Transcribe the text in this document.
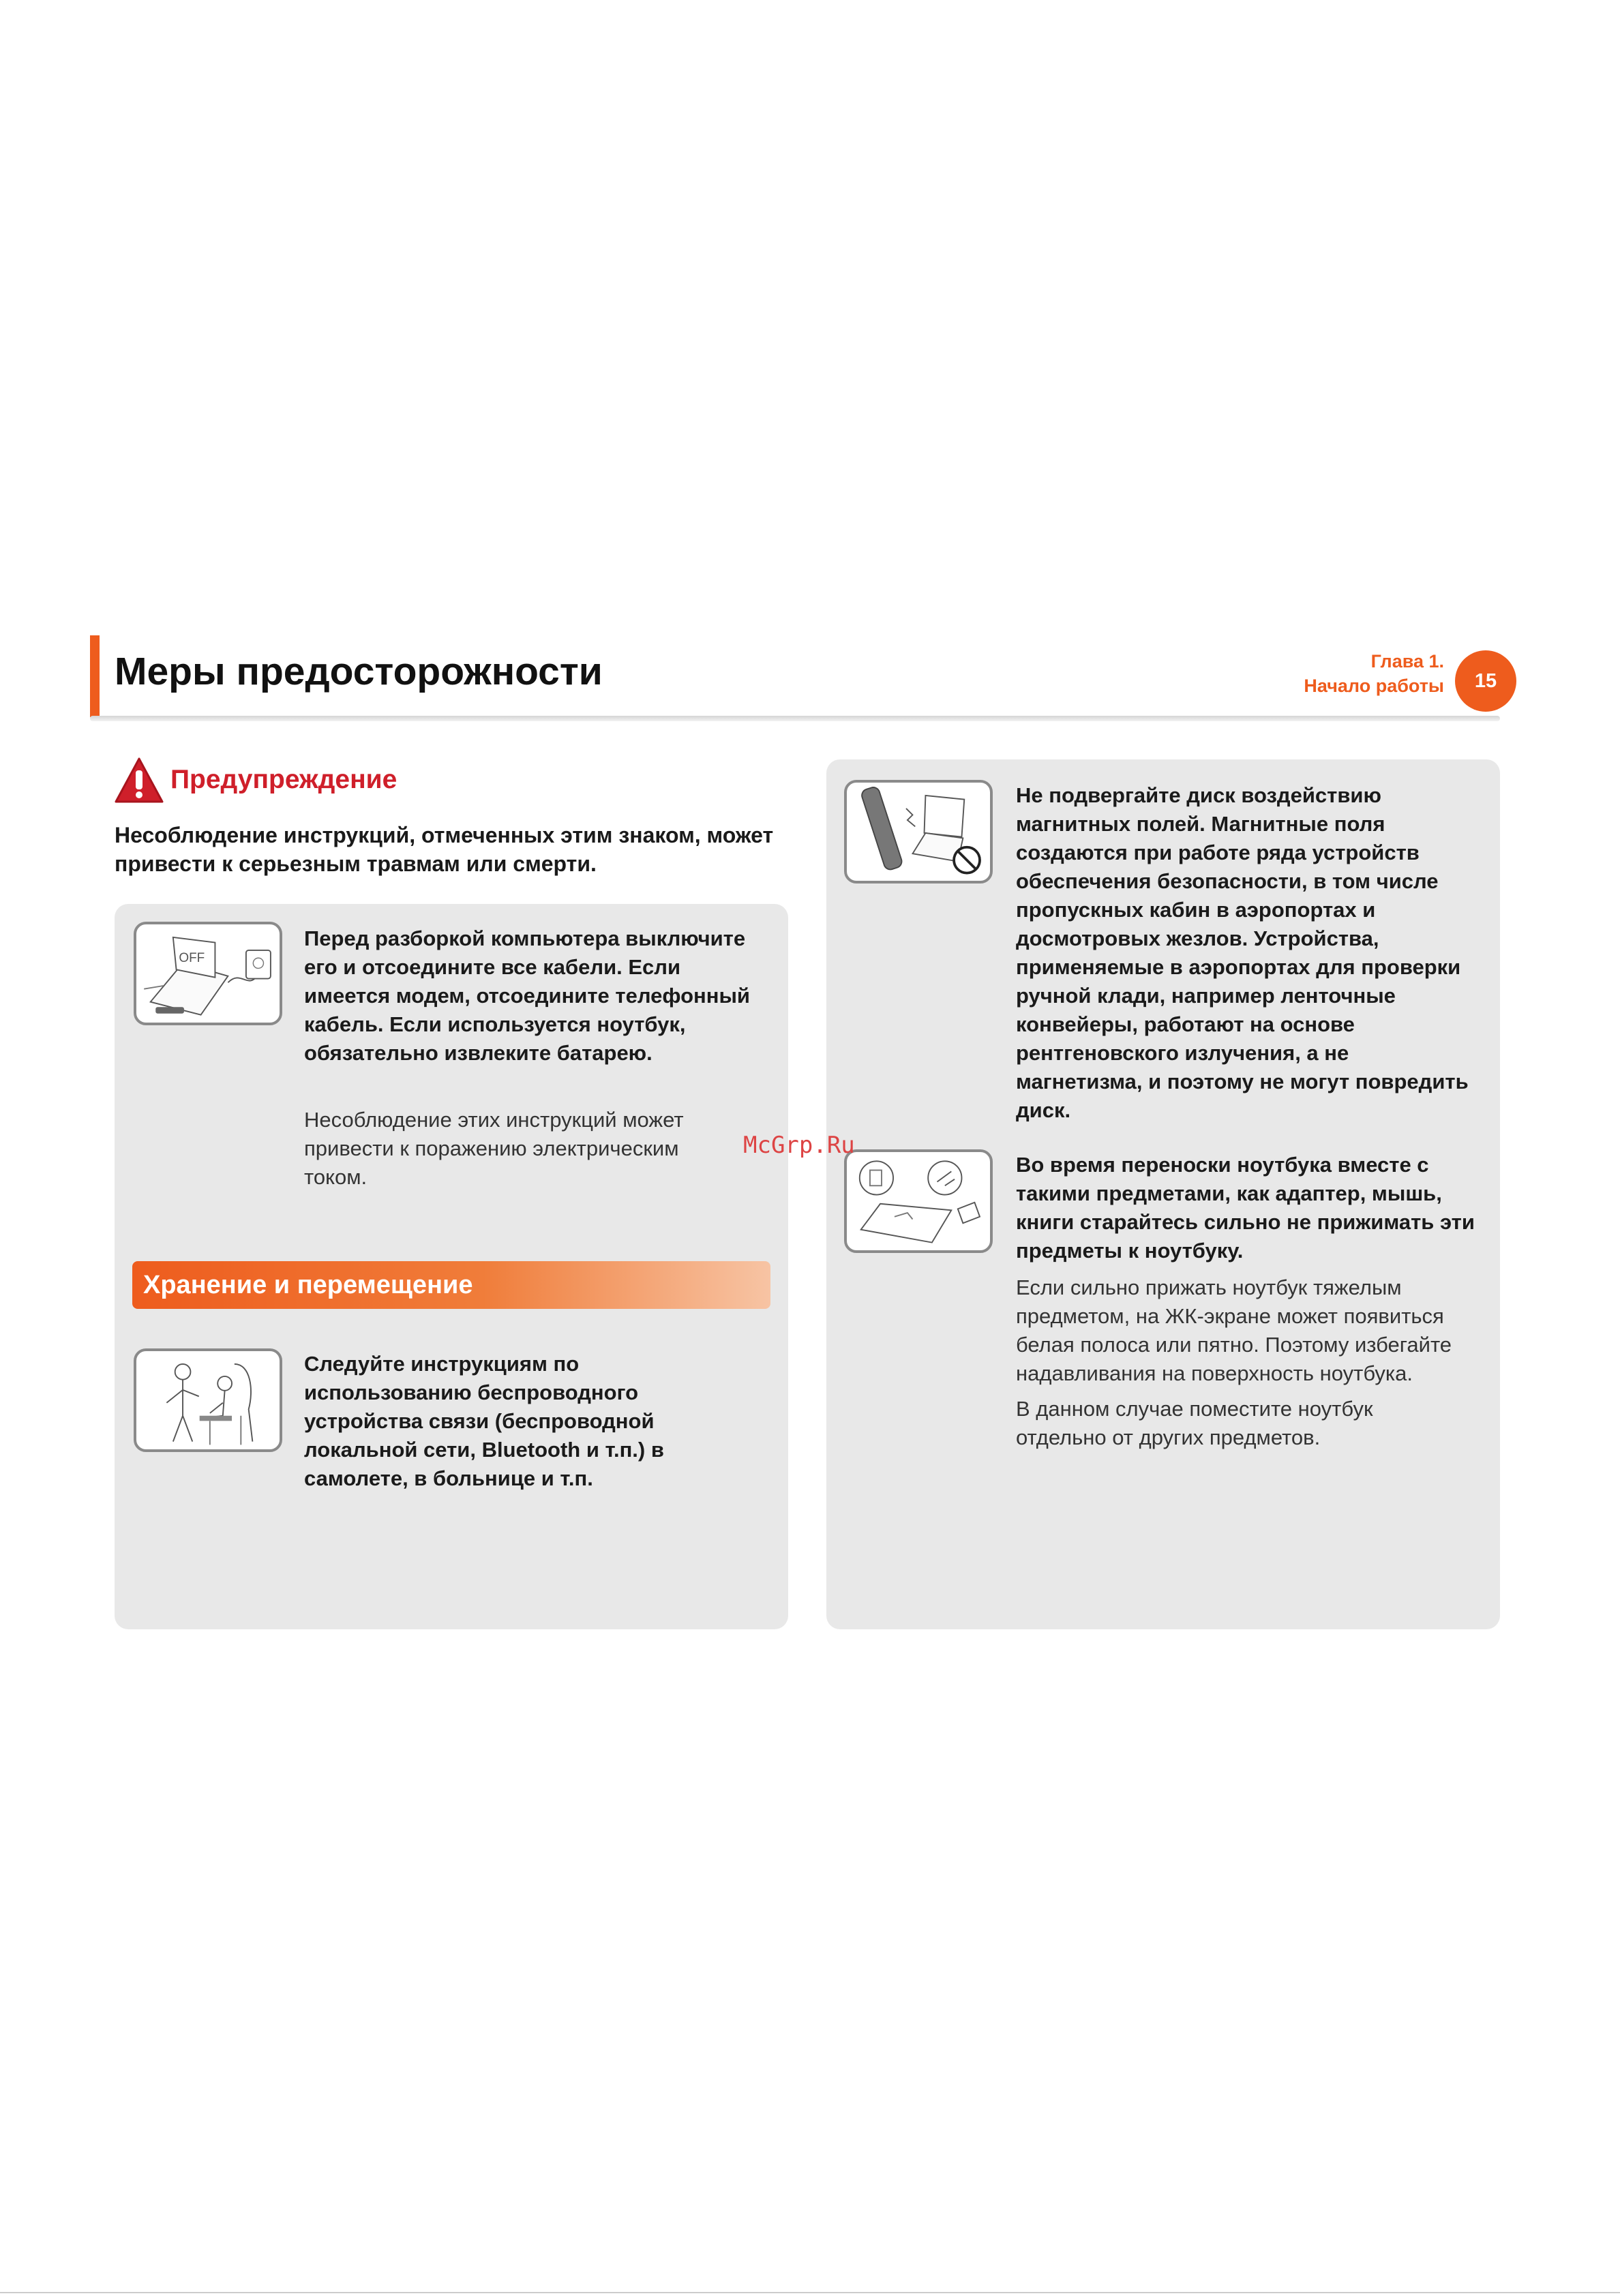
Меры предосторожности	Глава 1.
Начало работы	15
Предупреждение
Несоблюдение инструкций, отмеченных этим знаком, может привести к серьезным травмам или смерти.
OFF
Перед разборкой компьютера выключите его и отсоедините все кабели. Если имеется модем, отсоедините телефонный кабель. Если используется ноутбук, обязательно извлеките батарею.
Несоблюдение этих инструкций может привести к поражению электрическим током.
Хранение и перемещение
Следуйте инструкциям по использованию беспроводного устройства связи (беспроводной локальной сети, Bluetooth и т.п.) в самолете, в больнице и т.п.
Не подвергайте диск воздействию магнитных полей. Магнитные поля создаются при работе ряда устройств обеспечения безопасности, в том числе пропускных кабин в аэропортах и досмотровых жезлов. Устройства, применяемые в аэропортах для проверки ручной клади, например ленточные конвейеры, работают на основе рентгеновского излучения, а не магнетизма, и поэтому не могут повредить диск.
Во время переноски ноутбука вместе с такими предметами, как адаптер, мышь, книги старайтесь сильно не прижимать эти предметы к ноутбуку.
Если сильно прижать ноутбук тяжелым предметом, на ЖК-экране может появиться белая полоса или пятно. Поэтому избегайте надавливания на поверхность ноутбука.
В данном случае поместите ноутбук отдельно от других предметов.
McGrp.Ru
